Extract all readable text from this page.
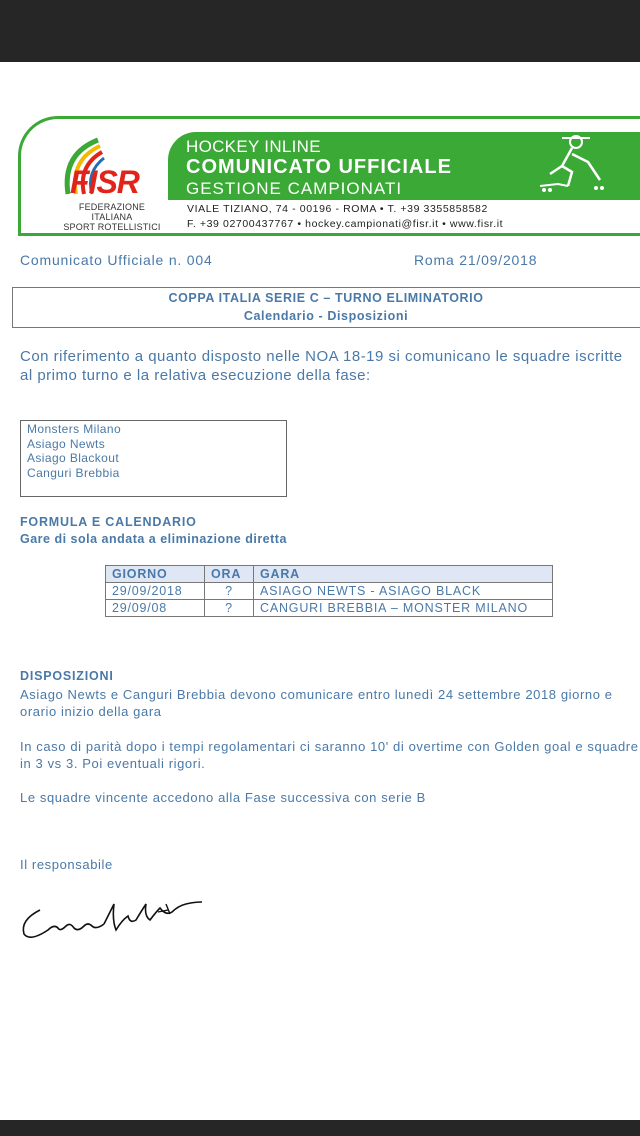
FISR
FEDERAZIONE ITALIANA
SPORT ROTELLISTICI
HOCKEY INLINE
COMUNICATO UFFICIALE
GESTIONE CAMPIONATI
VIALE TIZIANO, 74 - 00196 - ROMA • T. +39 3355858582
F. +39 02700437767 • hockey.campionati@fisr.it • www.fisr.it
Comunicato Ufficiale n. 004	Roma 21/09/2018
COPPA ITALIA SERIE C – TURNO ELIMINATORIO
Calendario - Disposizioni
Con riferimento a quanto disposto nelle NOA 18-19 si comunicano le squadre iscritte al primo turno e la relativa esecuzione della fase:
Monsters Milano
Asiago Newts
Asiago Blackout
Canguri Brebbia
FORMULA E CALENDARIO
Gare di sola andata a eliminazione diretta
GIORNO	ORA	GARA
29/09/2018	?	ASIAGO NEWTS - ASIAGO BLACK
29/09/08	?	CANGURI BREBBIA – MONSTER MILANO
DISPOSIZIONI
Asiago Newts e Canguri Brebbia devono comunicare entro lunedì 24 settembre 2018 giorno e orario inizio della gara
In caso di parità dopo i tempi regolamentari ci saranno 10' di overtime con Golden goal e squadre in 3 vs 3. Poi eventuali rigori.
Le squadre vincente accedono alla Fase successiva con serie B
Il responsabile
